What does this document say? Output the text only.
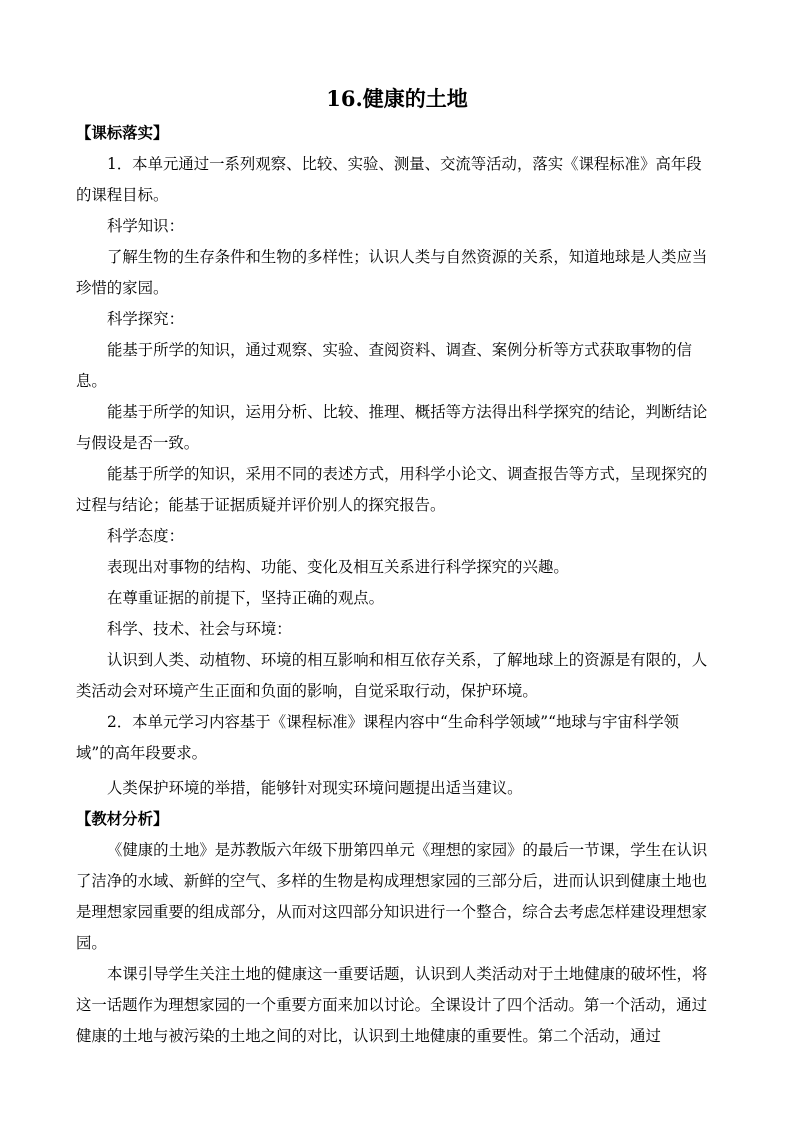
16.健康的土地

【课标落实】

1．本单元通过一系列观察、比较、实验、测量、交流等活动，落实《课程标准》高年段的课程目标。

科学知识：

了解生物的生存条件和生物的多样性；认识人类与自然资源的关系，知道地球是人类应当珍惜的家园。

科学探究：

能基于所学的知识，通过观察、实验、查阅资料、调查、案例分析等方式获取事物的信息。

能基于所学的知识，运用分析、比较、推理、概括等方法得出科学探究的结论，判断结论与假设是否一致。

能基于所学的知识，采用不同的表述方式，用科学小论文、调查报告等方式，呈现探究的过程与结论；能基于证据质疑并评价别人的探究报告。

科学态度：

表现出对事物的结构、功能、变化及相互关系进行科学探究的兴趣。

在尊重证据的前提下，坚持正确的观点。

科学、技术、社会与环境：

认识到人类、动植物、环境的相互影响和相互依存关系，了解地球上的资源是有限的，人类活动会对环境产生正面和负面的影响，自觉采取行动，保护环境。

2．本单元学习内容基于《课程标准》课程内容中“生命科学领域”“地球与宇宙科学领域”的高年段要求。

人类保护环境的举措，能够针对现实环境问题提出适当建议。

【教材分析】

《健康的土地》是苏教版六年级下册第四单元《理想的家园》的最后一节课，学生在认识了洁净的水域、新鲜的空气、多样的生物是构成理想家园的三部分后，进而认识到健康土地也是理想家园重要的组成部分，从而对这四部分知识进行一个整合，综合去考虑怎样建设理想家园。

本课引导学生关注土地的健康这一重要话题，认识到人类活动对于土地健康的破坏性，将这一话题作为理想家园的一个重要方面来加以讨论。全课设计了四个活动。第一个活动，通过健康的土地与被污染的土地之间的对比，认识到土地健康的重要性。第二个活动，通过
